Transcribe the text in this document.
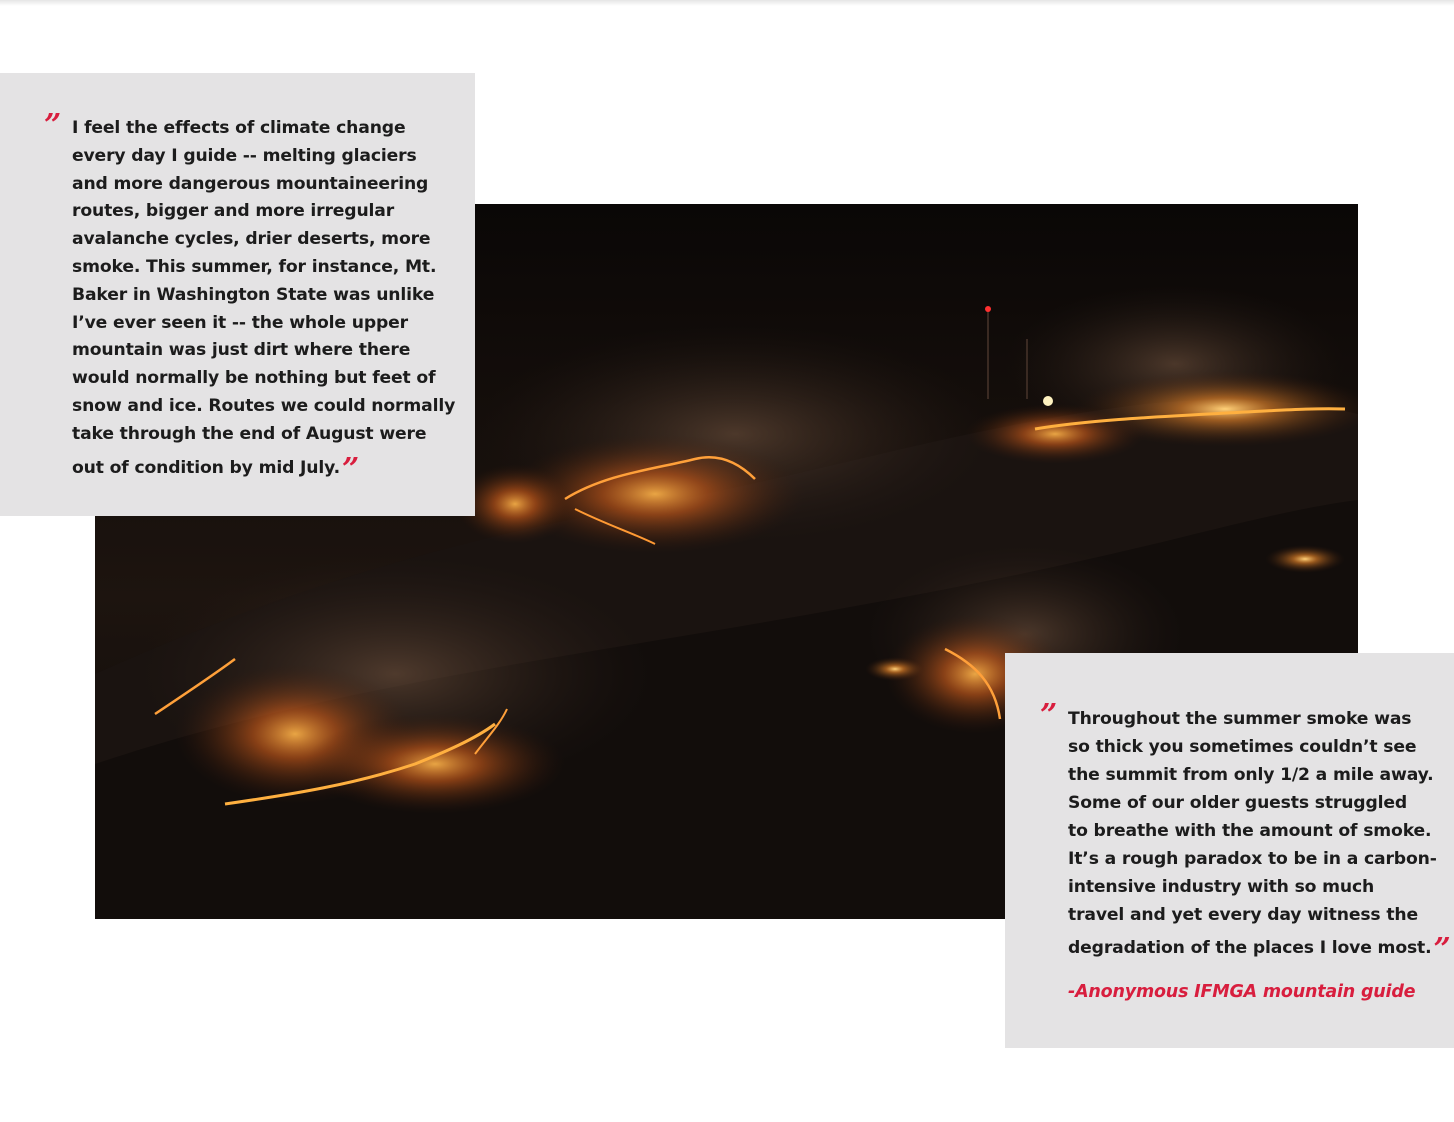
” I feel the effects of climate change
every day I guide -- melting glaciers
and more dangerous mountaineering
routes, bigger and more irregular
avalanche cycles, drier deserts, more
smoke. This summer, for instance, Mt.
Baker in Washington State was unlike
I’ve ever seen it -- the whole upper
mountain was just dirt where there
would normally be nothing but feet of
snow and ice. Routes we could normally
take through the end of August were
out of condition by mid July.”
” Throughout the summer smoke was
so thick you sometimes couldn’t see
the summit from only 1/2 a mile away.
Some of our older guests struggled
to breathe with the amount of smoke.
It’s a rough paradox to be in a carbon-
intensive industry with so much
travel and yet every day witness the
degradation of the places I love most.”
-Anonymous IFMGA mountain guide
